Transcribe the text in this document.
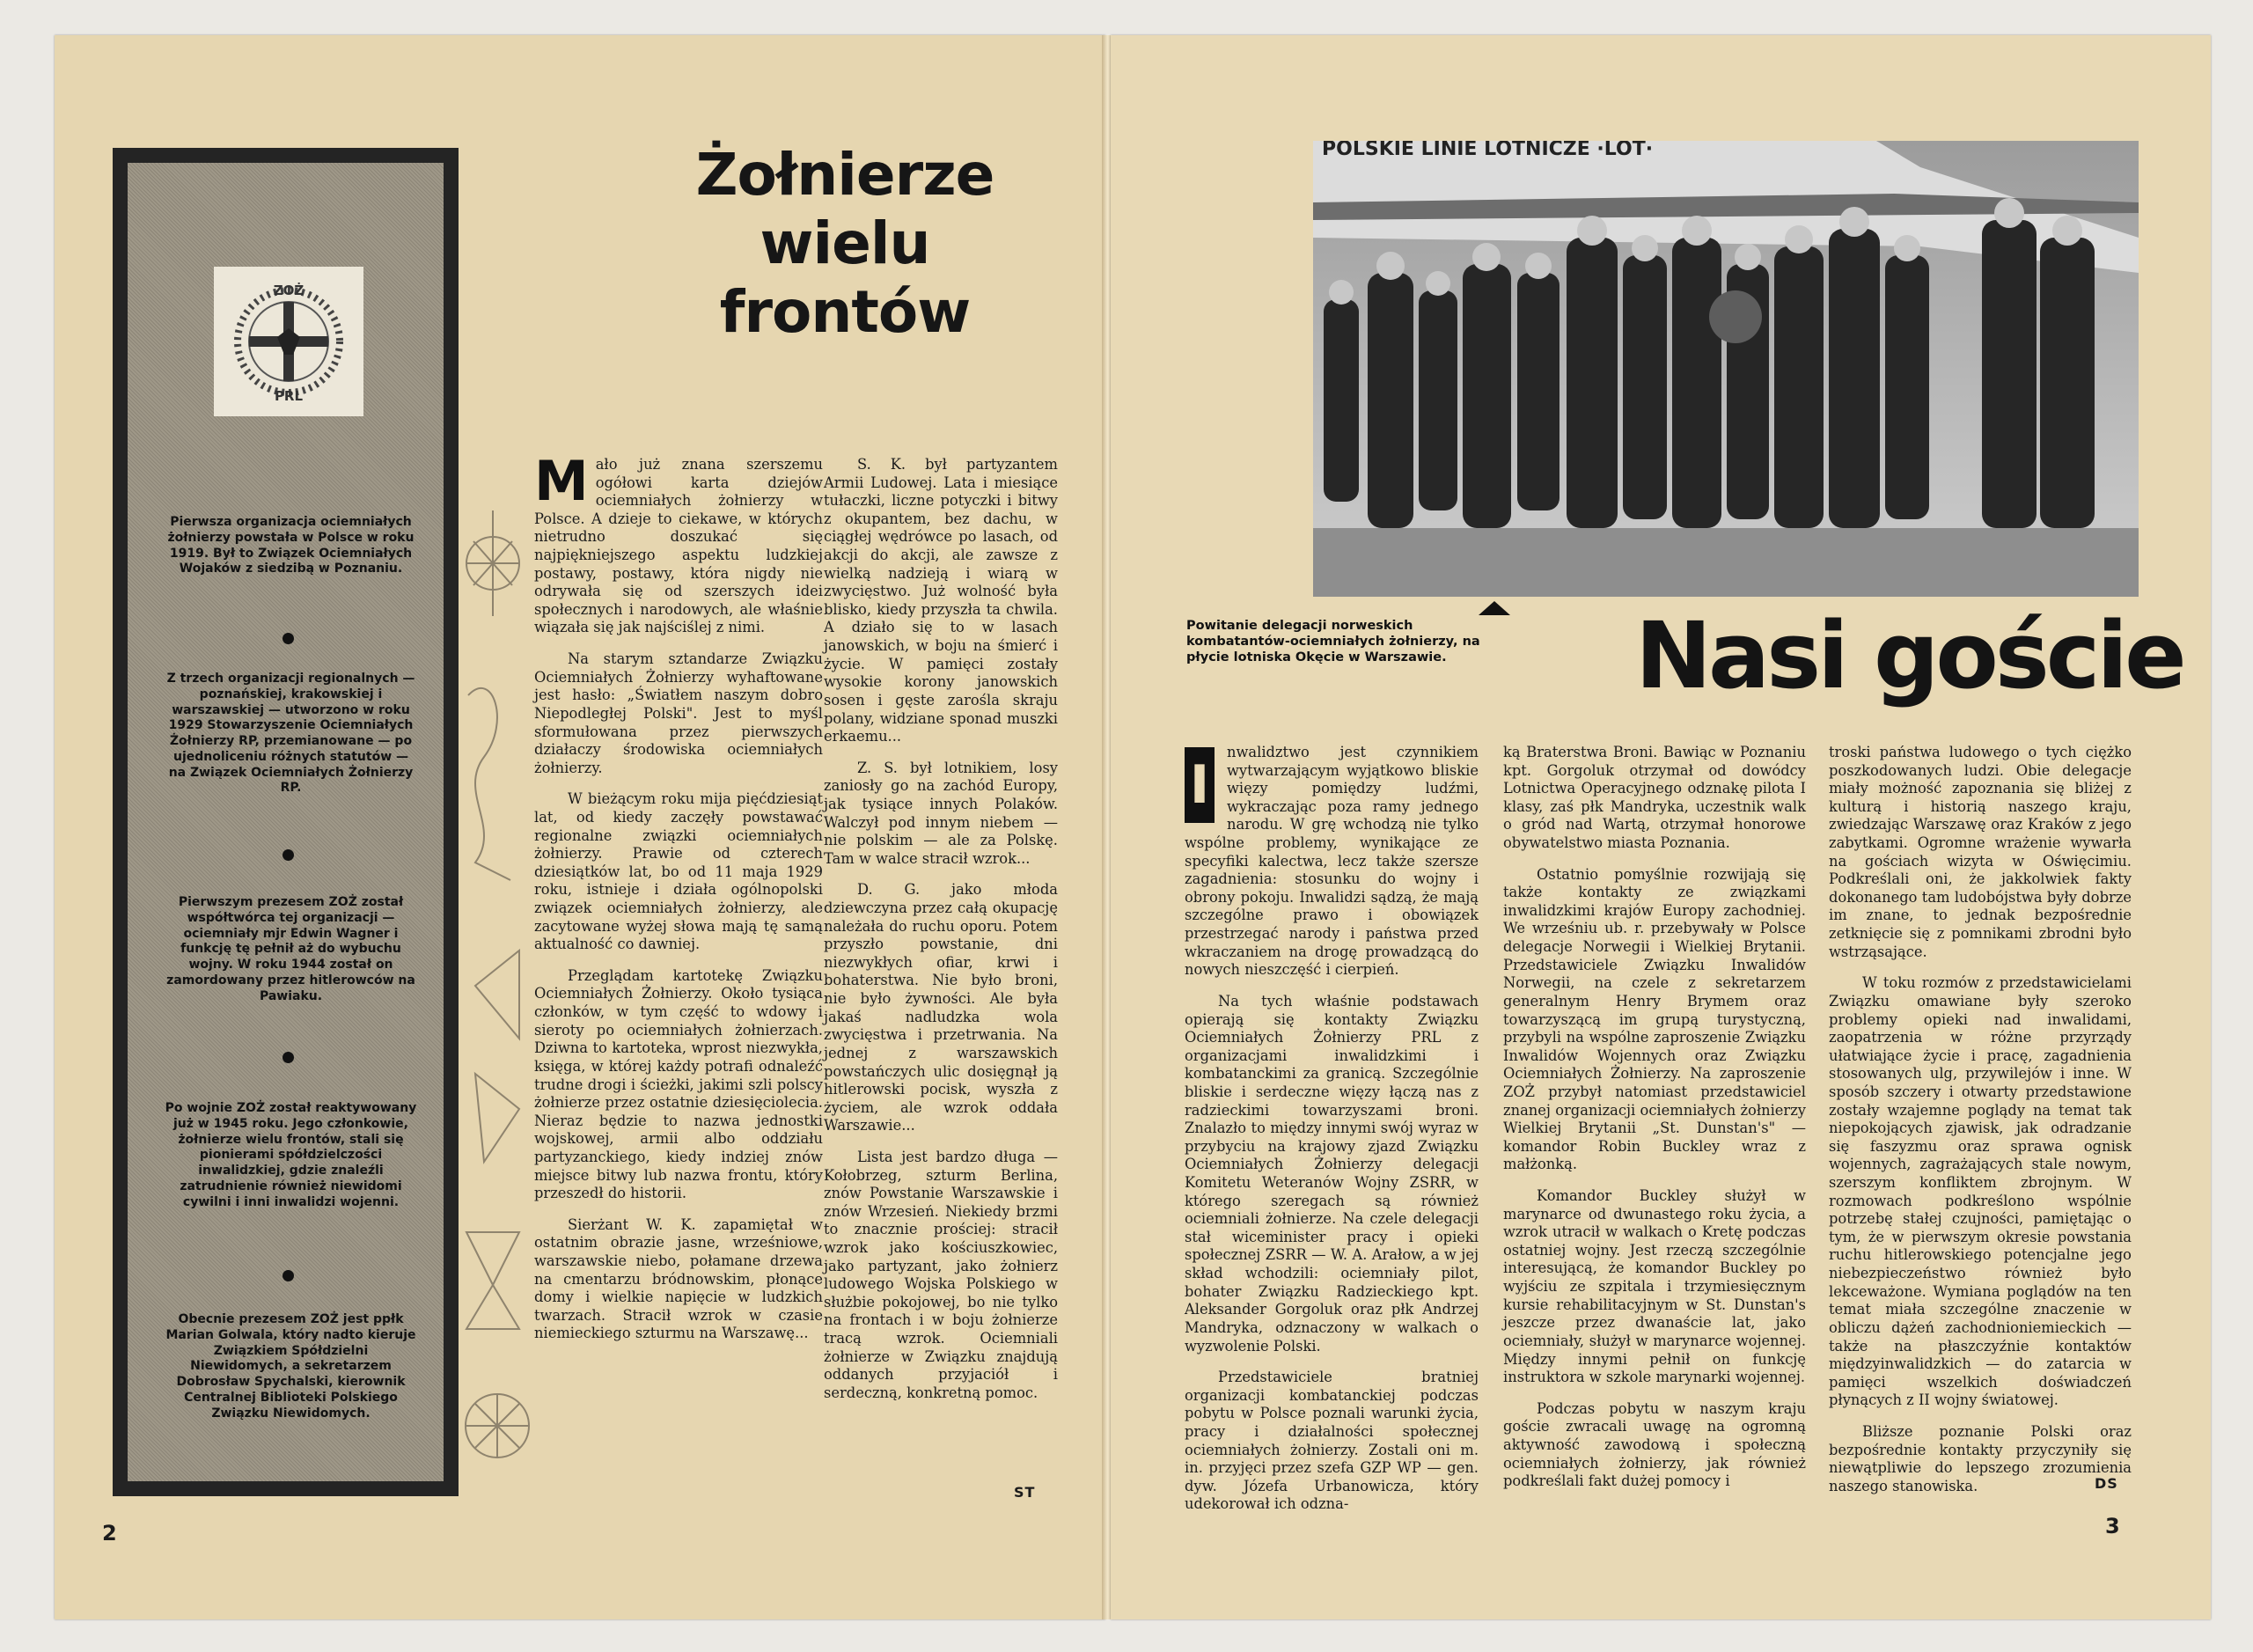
ZOŻ
PRL
Pierwsza organizacja ociemniałych żołnierzy powstała w Polsce w roku 1919. Był to Związek Ociemniałych Wojaków z siedzibą w Poznaniu.
Z trzech organizacji regionalnych — poznańskiej, krakowskiej i warszawskiej — utworzono w roku 1929 Stowarzyszenie Ociemniałych Żołnierzy RP, przemianowane — po ujednoliceniu różnych statutów — na Związek Ociemniałych Żołnierzy RP.
Pierwszym prezesem ZOŻ został współtwórca tej organizacji — ociemniały mjr Edwin Wagner i funkcję tę pełnił aż do wybuchu wojny. W roku 1944 został on zamordowany przez hitlerowców na Pawiaku.
Po wojnie ZOŻ został reaktywowany już w 1945 roku. Jego członkowie, żołnierze wielu frontów, stali się pionierami spółdzielczości inwalidzkiej, gdzie znaleźli zatrudnienie również niewidomi cywilni i inni inwalidzi wojenni.
Obecnie prezesem ZOŻ jest ppłk Marian Golwala, który nadto kieruje Związkiem Spółdzielni Niewidomych, a sekretarzem Dobrosław Spychalski, kierownik Centralnej Biblioteki Polskiego Związku Niewidomych.
Żołnierze
wielu
frontów

Mało już znana szerszemu ogółowi karta dziejów ociemniałych żołnierzy w Polsce. A dzieje to ciekawe, w których nietrudno doszukać się najpiękniejszego aspektu ludzkiej postawy, postawy, która nigdy nie odrywała się od szerszych idei społecznych i narodowych, ale właśnie wiązała się jak najściślej z nimi.

Na starym sztandarze Związku Ociemniałych Żołnierzy wyhaftowane jest hasło: „Światłem naszym dobro Niepodległej Polski". Jest to myśl sformułowana przez pierwszych działaczy środowiska ociemniałych żołnierzy.

W bieżącym roku mija pięćdziesiąt lat, od kiedy zaczęły powstawać regionalne związki ociemniałych żołnierzy. Prawie od czterech dziesiątków lat, bo od 11 maja 1929 roku, istnieje i działa ogólnopolski związek ociemniałych żołnierzy, ale zacytowane wyżej słowa mają tę samą aktualność co dawniej.

Przeglądam kartotekę Związku Ociemniałych Żołnierzy. Około tysiąca członków, w tym część to wdowy i sieroty po ociemniałych żołnierzach. Dziwna to kartoteka, wprost niezwykła, księga, w której każdy potrafi odnaleźć trudne drogi i ścieżki, jakimi szli polscy żołnierze przez ostatnie dziesięciolecia. Nieraz będzie to nazwa jednostki wojskowej, armii albo oddziału partyzanckiego, kiedy indziej znów miejsce bitwy lub nazwa frontu, który przeszedł do historii.

Sierżant W. K. zapamiętał w ostatnim obrazie jasne, wrześniowe, warszawskie niebo, połamane drzewa na cmentarzu bródnowskim, płonące domy i wielkie napięcie w ludzkich twarzach. Stracił wzrok w czasie niemieckiego szturmu na Warszawę...

S. K. był partyzantem Armii Ludowej. Lata i miesiące tułaczki, liczne potyczki i bitwy z okupantem, bez dachu, w ciągłej wędrówce po lasach, od akcji do akcji, ale zawsze z wielką nadzieją i wiarą w zwycięstwo. Już wolność była blisko, kiedy przyszła ta chwila. A działo się to w lasach janowskich, w boju na śmierć i życie. W pamięci zostały wysokie korony janowskich sosen i gęste zarośla skraju polany, widziane sponad muszki erkaemu...

Z. S. był lotnikiem, losy zaniosły go na zachód Europy, jak tysiące innych Polaków. Walczył pod innym niebem — nie polskim — ale za Polskę. Tam w walce stracił wzrok...

D. G. jako młoda dziewczyna przez całą okupację należała do ruchu oporu. Potem przyszło powstanie, dni niezwykłych ofiar, krwi i bohaterstwa. Nie było broni, nie było żywności. Ale była jakaś nadludzka wola zwycięstwa i przetrwania. Na jednej z warszawskich powstańczych ulic dosięgnął ją hitlerowski pocisk, wyszła z życiem, ale wzrok oddała Warszawie...

Lista jest bardzo długa — Kołobrzeg, szturm Berlina, znów Powstanie Warszawskie i znów Wrzesień. Niekiedy brzmi to znacznie prościej: stracił wzrok jako kościuszkowiec, jako partyzant, jako żołnierz ludowego Wojska Polskiego w służbie pokojowej, bo nie tylko na frontach i w boju żołnierze tracą wzrok. Ociemniali żołnierze w Związku znajdują oddanych przyjaciół i serdeczną, konkretną pomoc.

ST
2
POLSKIE LINIE LOTNICZE ·LOT·
Powitanie delegacji norweskich kombatantów-ociemniałych żołnierzy, na płycie lotniska Okęcie w Warszawie.	Nasi goście

I
nwalidztwo jest czynnikiem wytwarzającym wyjątkowo bliskie więzy pomiędzy ludźmi, wykraczając poza ramy jednego narodu. W grę wchodzą nie tylko wspólne problemy, wynikające ze specyfiki kalectwa, lecz także szersze zagadnienia: stosunku do wojny i obrony pokoju. Inwalidzi sądzą, że mają szczególne prawo i obowiązek przestrzegać narody i państwa przed wkraczaniem na drogę prowadzącą do nowych nieszczęść i cierpień.

Na tych właśnie podstawach opierają się kontakty Związku Ociemniałych Żołnierzy PRL z organizacjami inwalidzkimi i kombatanckimi za granicą. Szczególnie bliskie i serdeczne więzy łączą nas z radzieckimi towarzyszami broni. Znalazło to między innymi swój wyraz w przybyciu na krajowy zjazd Związku Ociemniałych Żołnierzy delegacji Komitetu Weteranów Wojny ZSRR, w którego szeregach są również ociemniali żołnierze. Na czele delegacji stał wiceminister pracy i opieki społecznej ZSRR — W. A. Arałow, a w jej skład wchodzili: ociemniały pilot, bohater Związku Radzieckiego kpt. Aleksander Gorgoluk oraz płk Andrzej Mandryka, odznaczony w walkach o wyzwolenie Polski.

Przedstawiciele bratniej organizacji kombatanckiej podczas pobytu w Polsce poznali warunki życia, pracy i działalności społecznej ociemniałych żołnierzy. Zostali oni m. in. przyjęci przez szefa GZP WP — gen. dyw. Józefa Urbanowicza, który udekorował ich odzna-

ką Braterstwa Broni. Bawiąc w Poznaniu kpt. Gorgoluk otrzymał od dowódcy Lotnictwa Operacyjnego odznakę pilota I klasy, zaś płk Mandryka, uczestnik walk o gród nad Wartą, otrzymał honorowe obywatelstwo miasta Poznania.

Ostatnio pomyślnie rozwijają się także kontakty ze związkami inwalidzkimi krajów Europy zachodniej. We wrześniu ub. r. przebywały w Polsce delegacje Norwegii i Wielkiej Brytanii. Przedstawiciele Związku Inwalidów Norwegii, na czele z sekretarzem generalnym Henry Brymem oraz towarzyszącą im grupą turystyczną, przybyli na wspólne zaproszenie Związku Inwalidów Wojennych oraz Związku Ociemniałych Żołnierzy. Na zaproszenie ZOŻ przybył natomiast przedstawiciel znanej organizacji ociemniałych żołnierzy Wielkiej Brytanii „St. Dunstan's" — komandor Robin Buckley wraz z małżonką.

Komandor Buckley służył w marynarce od dwunastego roku życia, a wzrok utracił w walkach o Kretę podczas ostatniej wojny. Jest rzeczą szczególnie interesującą, że komandor Buckley po wyjściu ze szpitala i trzymiesięcznym kursie rehabilitacyjnym w St. Dunstan's jeszcze przez dwanaście lat, jako ociemniały, służył w marynarce wojennej. Między innymi pełnił on funkcję instruktora w szkole marynarki wojennej.

Podczas pobytu w naszym kraju goście zwracali uwagę na ogromną aktywność zawodową i społeczną ociemniałych żołnierzy, jak również podkreślali fakt dużej pomocy i

troski państwa ludowego o tych ciężko poszkodowanych ludzi. Obie delegacje miały możność zapoznania się bliżej z kulturą i historią naszego kraju, zwiedzając Warszawę oraz Kraków z jego zabytkami. Ogromne wrażenie wywarła na gościach wizyta w Oświęcimiu. Podkreślali oni, że jakkolwiek fakty dokonanego tam ludobójstwa były dobrze im znane, to jednak bezpośrednie zetknięcie się z pomnikami zbrodni było wstrząsające.

W toku rozmów z przedstawicielami Związku omawiane były szeroko problemy opieki nad inwalidami, zaopatrzenia w różne przyrządy ułatwiające życie i pracę, zagadnienia stosowanych ulg, przywilejów i inne. W sposób szczery i otwarty przedstawione zostały wzajemne poglądy na temat tak niepokojących zjawisk, jak odradzanie się faszyzmu oraz sprawa ognisk wojennych, zagrażających stale nowym, szerszym konfliktem zbrojnym. W rozmowach podkreślono wspólnie potrzebę stałej czujności, pamiętając o tym, że w pierwszym okresie powstania ruchu hitlerowskiego potencjalne jego niebezpieczeństwo również było lekceważone. Wymiana poglądów na ten temat miała szczególne znaczenie w obliczu dążeń zachodnioniemieckich — także na płaszczyźnie kontaktów międzyinwalidzkich — do zatarcia w pamięci wszelkich doświadczeń płynących z II wojny światowej.

Bliższe poznanie Polski oraz bezpośrednie kontakty przyczyniły się niewątpliwie do lepszego zrozumienia naszego stanowiska.	DS
3
